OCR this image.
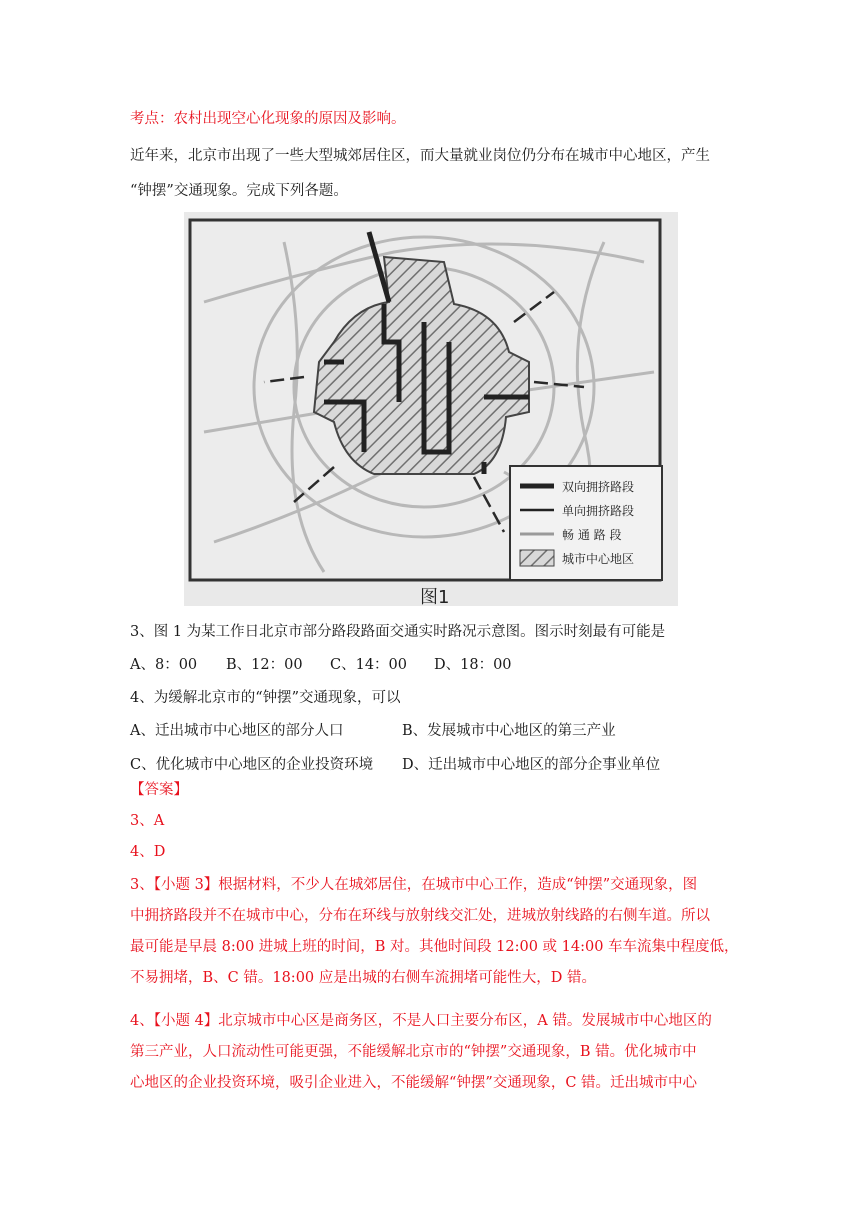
考点：农村出现空心化现象的原因及影响。
近年来，北京市出现了一些大型城郊居住区，而大量就业岗位仍分布在城市中心地区，产生
“钟摆”交通现象。完成下列各题。
双向拥挤路段
单向拥挤路段
畅 通 路 段
城市中心地区
图1
3、图 1 为某工作日北京市部分路段路面交通实时路况示意图。图示时刻最有可能是
A、8：00 B、12：00 C、14：00 D、18：00
4、为缓解北京市的“钟摆”交通现象，可以
A、迁出城市中心地区的部分人口	B、发展城市中心地区的第三产业
C、优化城市中心地区的企业投资环境 D、迁出城市中心地区的部分企事业单位
【答案】
3、A
4、D
3、【小题 3】根据材料，不少人在城郊居住，在城市中心工作，造成“钟摆”交通现象，图
中拥挤路段并不在城市中心，分布在环线与放射线交汇处，进城放射线路的右侧车道。所以
最可能是早晨 8:00 进城上班的时间，B 对。其他时间段 12:00 或 14:00 车车流集中程度低，
不易拥堵，B、C 错。18:00 应是出城的右侧车流拥堵可能性大，D 错。
4、【小题 4】北京城市中心区是商务区，不是人口主要分布区，A 错。发展城市中心地区的
第三产业，人口流动性可能更强，不能缓解北京市的“钟摆”交通现象，B 错。优化城市中
心地区的企业投资环境，吸引企业进入，不能缓解“钟摆”交通现象，C 错。迁出城市中心
